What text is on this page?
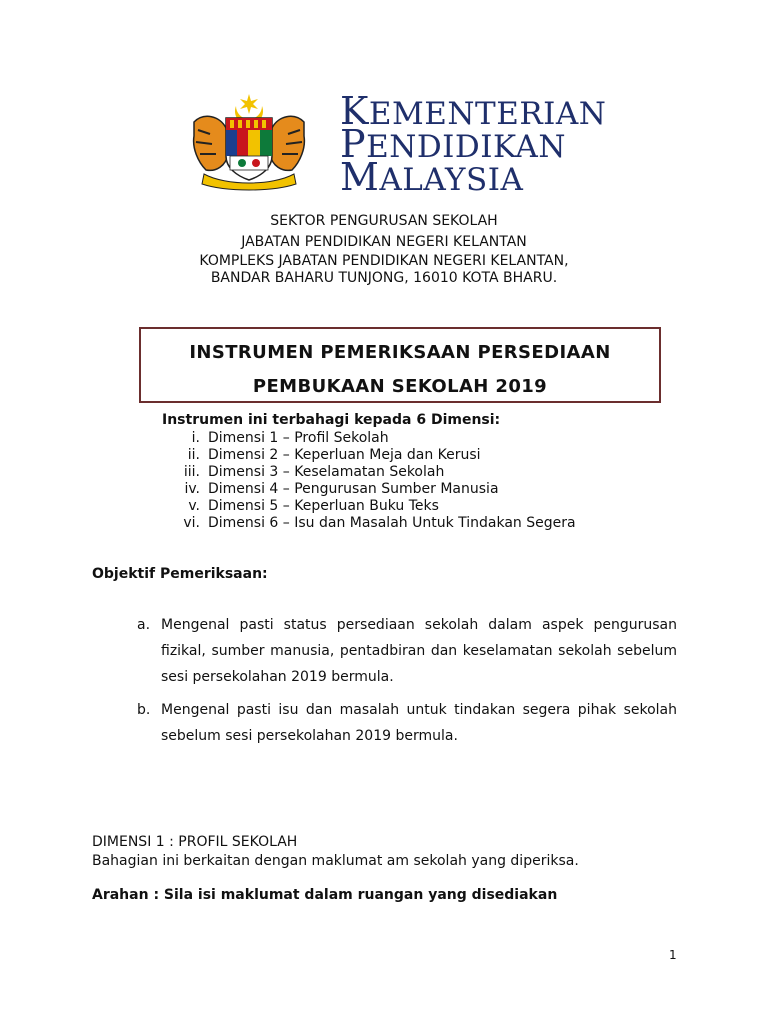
KEMENTERIAN
PENDIDIKAN
MALAYSIA
SEKTOR PENGURUSAN SEKOLAH
JABATAN PENDIDIKAN NEGERI KELANTAN
KOMPLEKS JABATAN PENDIDIKAN NEGERI KELANTAN,
BANDAR BAHARU TUNJONG, 16010 KOTA BHARU.
INSTRUMEN PEMERIKSAAN PERSEDIAAN
PEMBUKAAN SEKOLAH 2019
Instrumen ini terbahagi kepada 6 Dimensi:
i. Dimensi 1 – Profil Sekolah
ii. Dimensi 2 – Keperluan Meja dan Kerusi
iii. Dimensi 3 – Keselamatan Sekolah
iv. Dimensi 4 – Pengurusan Sumber Manusia
v. Dimensi 5 – Keperluan Buku Teks
vi. Dimensi 6 – Isu dan Masalah Untuk Tindakan Segera
Objektif Pemeriksaan:
a. Mengenal pasti status persediaan sekolah dalam aspek pengurusan fizikal, sumber manusia, pentadbiran dan keselamatan sekolah sebelum sesi persekolahan 2019 bermula.
b. Mengenal pasti isu dan masalah untuk tindakan segera pihak sekolah sebelum sesi persekolahan 2019 bermula.
DIMENSI 1 : PROFIL SEKOLAH
Bahagian ini berkaitan dengan maklumat am sekolah yang diperiksa.
Arahan : Sila isi maklumat dalam ruangan yang disediakan
1
